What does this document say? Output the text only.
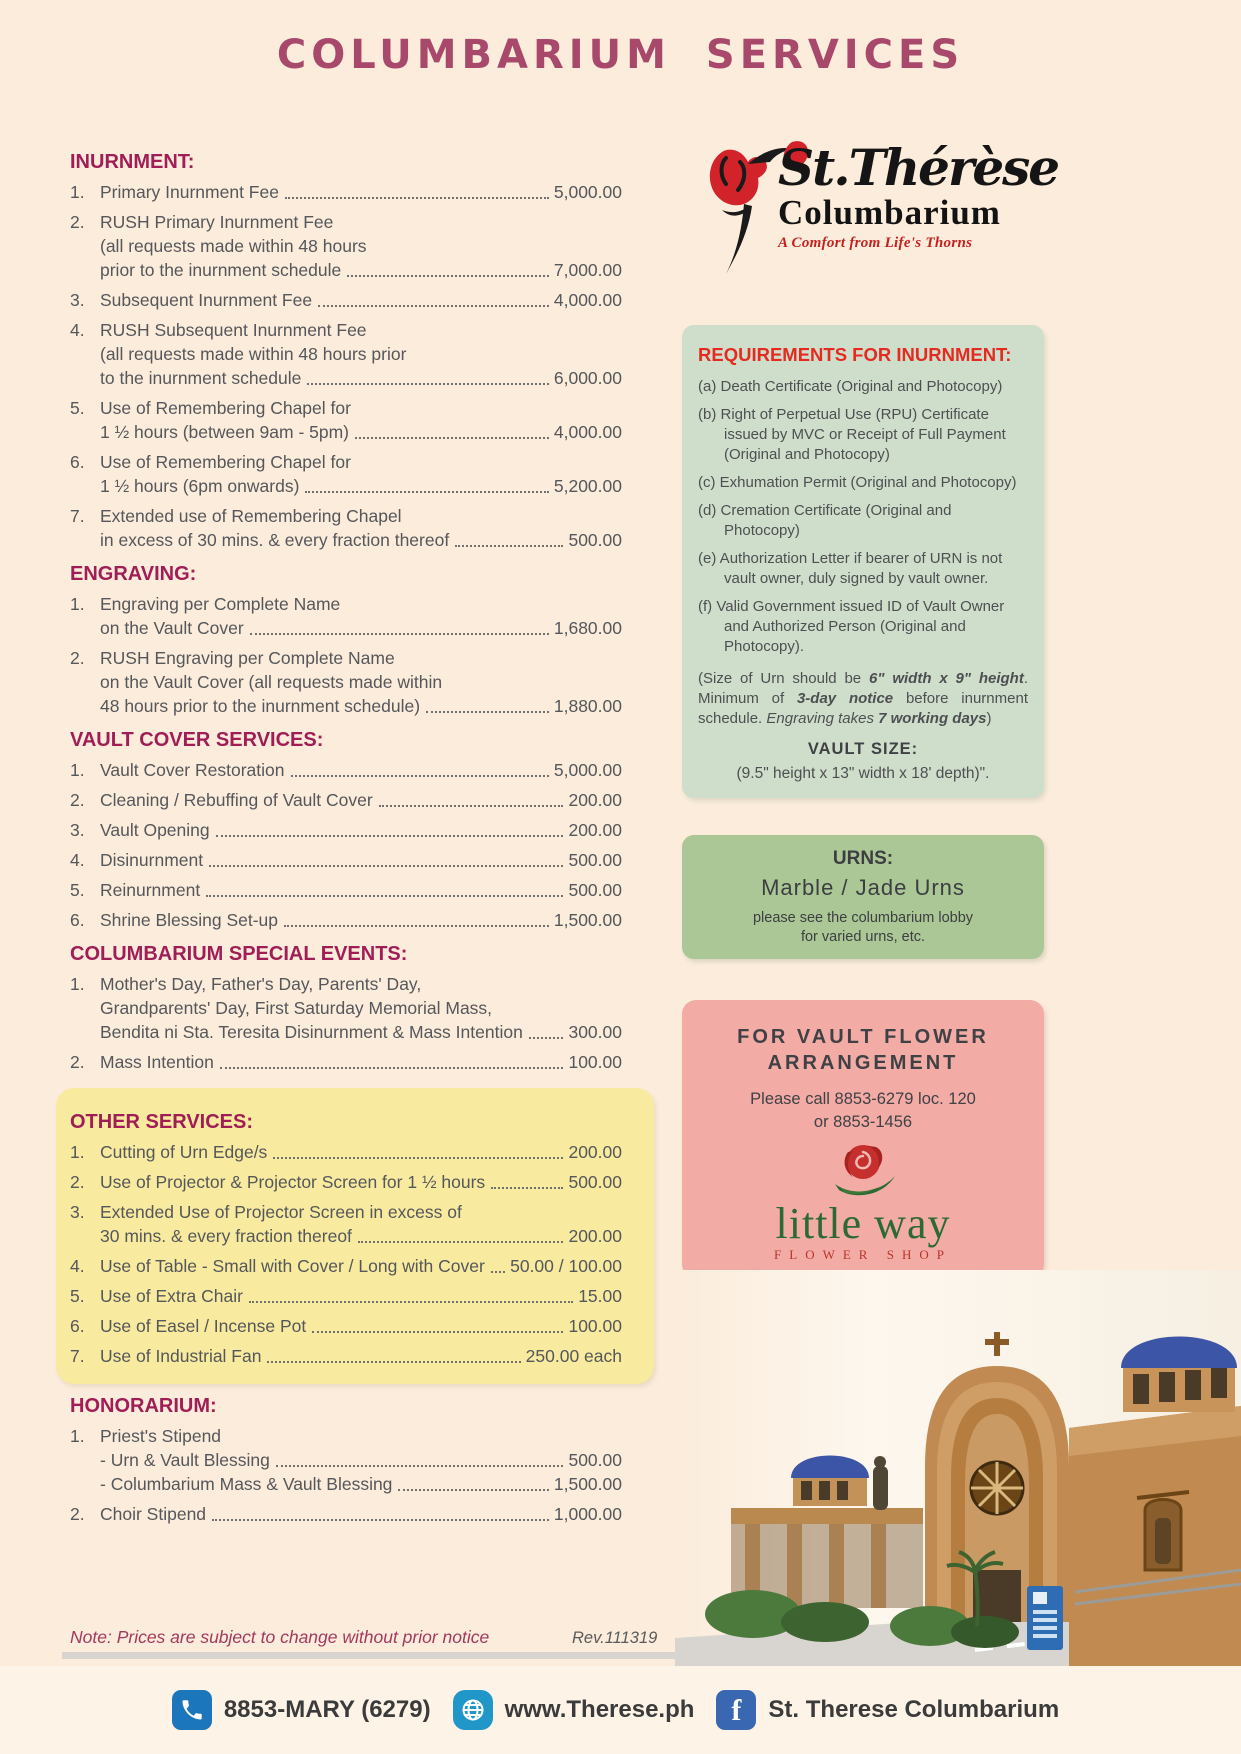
COLUMBARIUM SERVICES
INURNMENT:
1. Primary Inurnment Fee	5,000.00
2. RUSH Primary Inurnment Fee
(all requests made within 48 hours
prior to the inurnment schedule	7,000.00
3. Subsequent Inurnment Fee	4,000.00
4. RUSH Subsequent Inurnment Fee
(all requests made within 48 hours prior
to the inurnment schedule	6,000.00
5. Use of Remembering Chapel for
1 ½ hours (between 9am - 5pm)	4,000.00
6. Use of Remembering Chapel for
1 ½ hours (6pm onwards)	5,200.00
7. Extended use of Remembering Chapel
in excess of 30 mins. & every fraction thereof	500.00
ENGRAVING:
1. Engraving per Complete Name
on the Vault Cover	1,680.00
2. RUSH Engraving per Complete Name
on the Vault Cover (all requests made within
48 hours prior to the inurnment schedule)	1,880.00
VAULT COVER SERVICES:
1. Vault Cover Restoration	5,000.00
2. Cleaning / Rebuffing of Vault Cover	200.00
3. Vault Opening	200.00
4. Disinurnment	500.00
5. Reinurnment	500.00
6. Shrine Blessing Set-up	1,500.00
COLUMBARIUM SPECIAL EVENTS:
1. Mother's Day, Father's Day, Parents' Day,
Grandparents' Day, First Saturday Memorial Mass,
Bendita ni Sta. Teresita Disinurnment & Mass Intention	300.00
2. Mass Intention	100.00
OTHER SERVICES:
1. Cutting of Urn Edge/s	200.00
2. Use of Projector & Projector Screen for 1 ½ hours	500.00
3. Extended Use of Projector Screen in excess of
30 mins. & every fraction thereof	200.00
4. Use of Table - Small with Cover / Long with Cover 50.00 / 100.00
5. Use of Extra Chair	15.00
6. Use of Easel / Incense Pot	100.00
7. Use of Industrial Fan	250.00 each
HONORARIUM:
1. Priest's Stipend
- Urn & Vault Blessing	500.00
- Columbarium Mass & Vault Blessing	1,500.00
2. Choir Stipend	1,000.00
Note: Prices are subject to change without prior notice	Rev.111319
St.Thérèse
Columbarium
A Comfort from Life's Thorns
REQUIREMENTS FOR INURNMENT:
(a) Death Certificate (Original and Photocopy)
(b) Right of Perpetual Use (RPU) Certificate issued by MVC or Receipt of Full Payment (Original and Photocopy)
(c) Exhumation Permit (Original and Photocopy)
(d) Cremation Certificate (Original and Photocopy)
(e) Authorization Letter if bearer of URN is not vault owner, duly signed by vault owner.
(f) Valid Government issued ID of Vault Owner and Authorized Person (Original and Photocopy).

(Size of Urn should be 6" width x 9" height. Minimum of 3-day notice before inurnment schedule. Engraving takes 7 working days)

VAULT SIZE:
(9.5" height x 13" width x 18' depth)".
URNS:
Marble / Jade Urns
please see the columbarium lobby
for varied urns, etc.
FOR VAULT FLOWER
ARRANGEMENT
Please call 8853-6279 loc. 120
or 8853-1456
little way
FLOWER SHOP
8853-MARY (6279)	www.Therese.ph f St. Therese Columbarium
